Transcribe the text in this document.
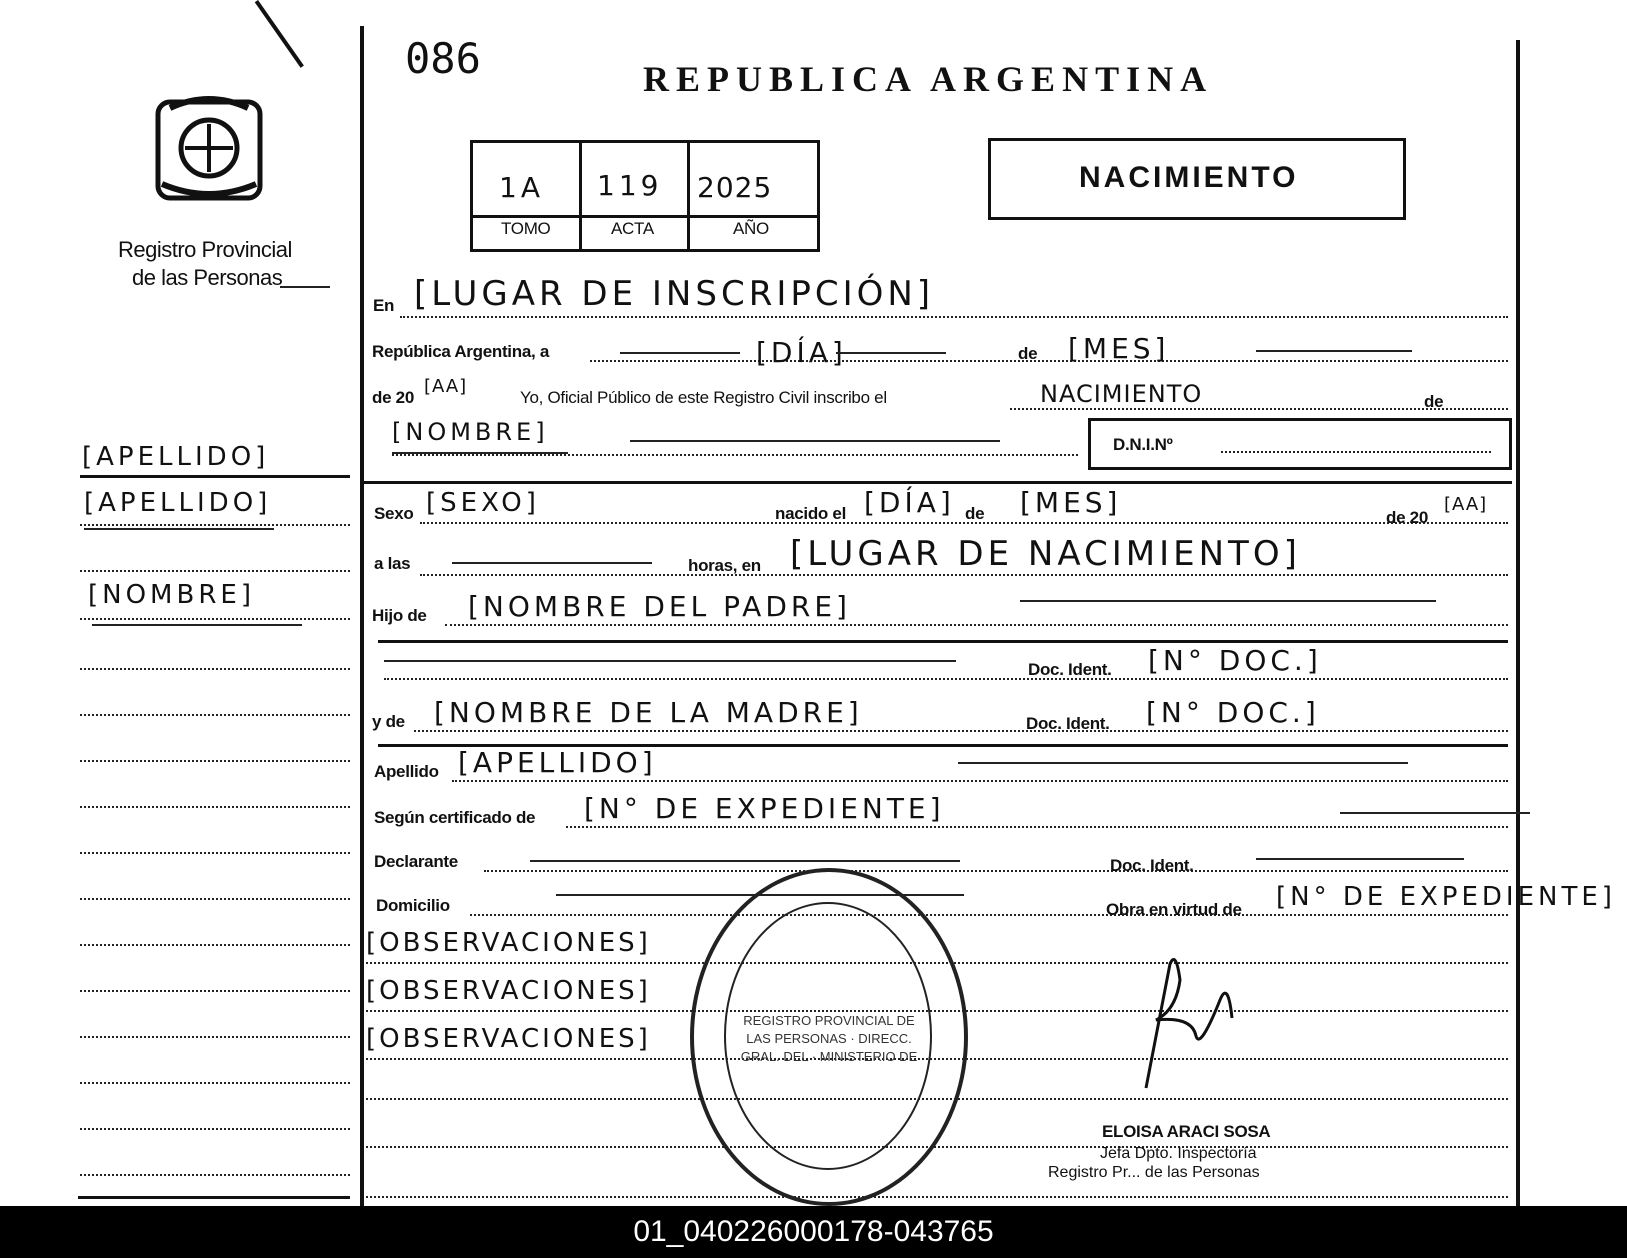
086	REPUBLICA ARGENTINA
Registro Provincial
de las Personas
1A 119 2025
TOMO	ACTA	AÑO
NACIMIENTO
[APELLIDO]
[APELLIDO]
[NOMBRE]
En [LUGAR DE INSCRIPCIÓN]
República Argentina, a	[DÍA]	de [MES]
de 20
[AA]
Yo, Oficial Público de este Registro Civil inscribo el	NACIMIENTO	de
[NOMBRE]	D.N.I.Nº
Sexo [SEXO]	nacido el [DÍA] de [MES]	de 20
[AA]
a las	horas, en [LUGAR DE NACIMIENTO]
Hijo de [NOMBRE DEL PADRE]
Doc. Ident. [N° DOC.]
y de [NOMBRE DE LA MADRE]	Doc. Ident. [N° DOC.]
Apellido [APELLIDO]
Según certificado de [N° DE EXPEDIENTE]
Declarante	Doc. Ident.
Domicilio	Obra en virtud de [N° DE EXPEDIENTE]
[OBSERVACIONES]
[OBSERVACIONES]
[OBSERVACIONES]
REGISTRO PROVINCIAL DE LAS PERSONAS · DIRECC. GRAL. DEL · MINISTERIO DE
ELOISA ARACI SOSA
Jefa Dpto. Inspectoría
Registro Pr... de las Personas
01_040226000178-043765
